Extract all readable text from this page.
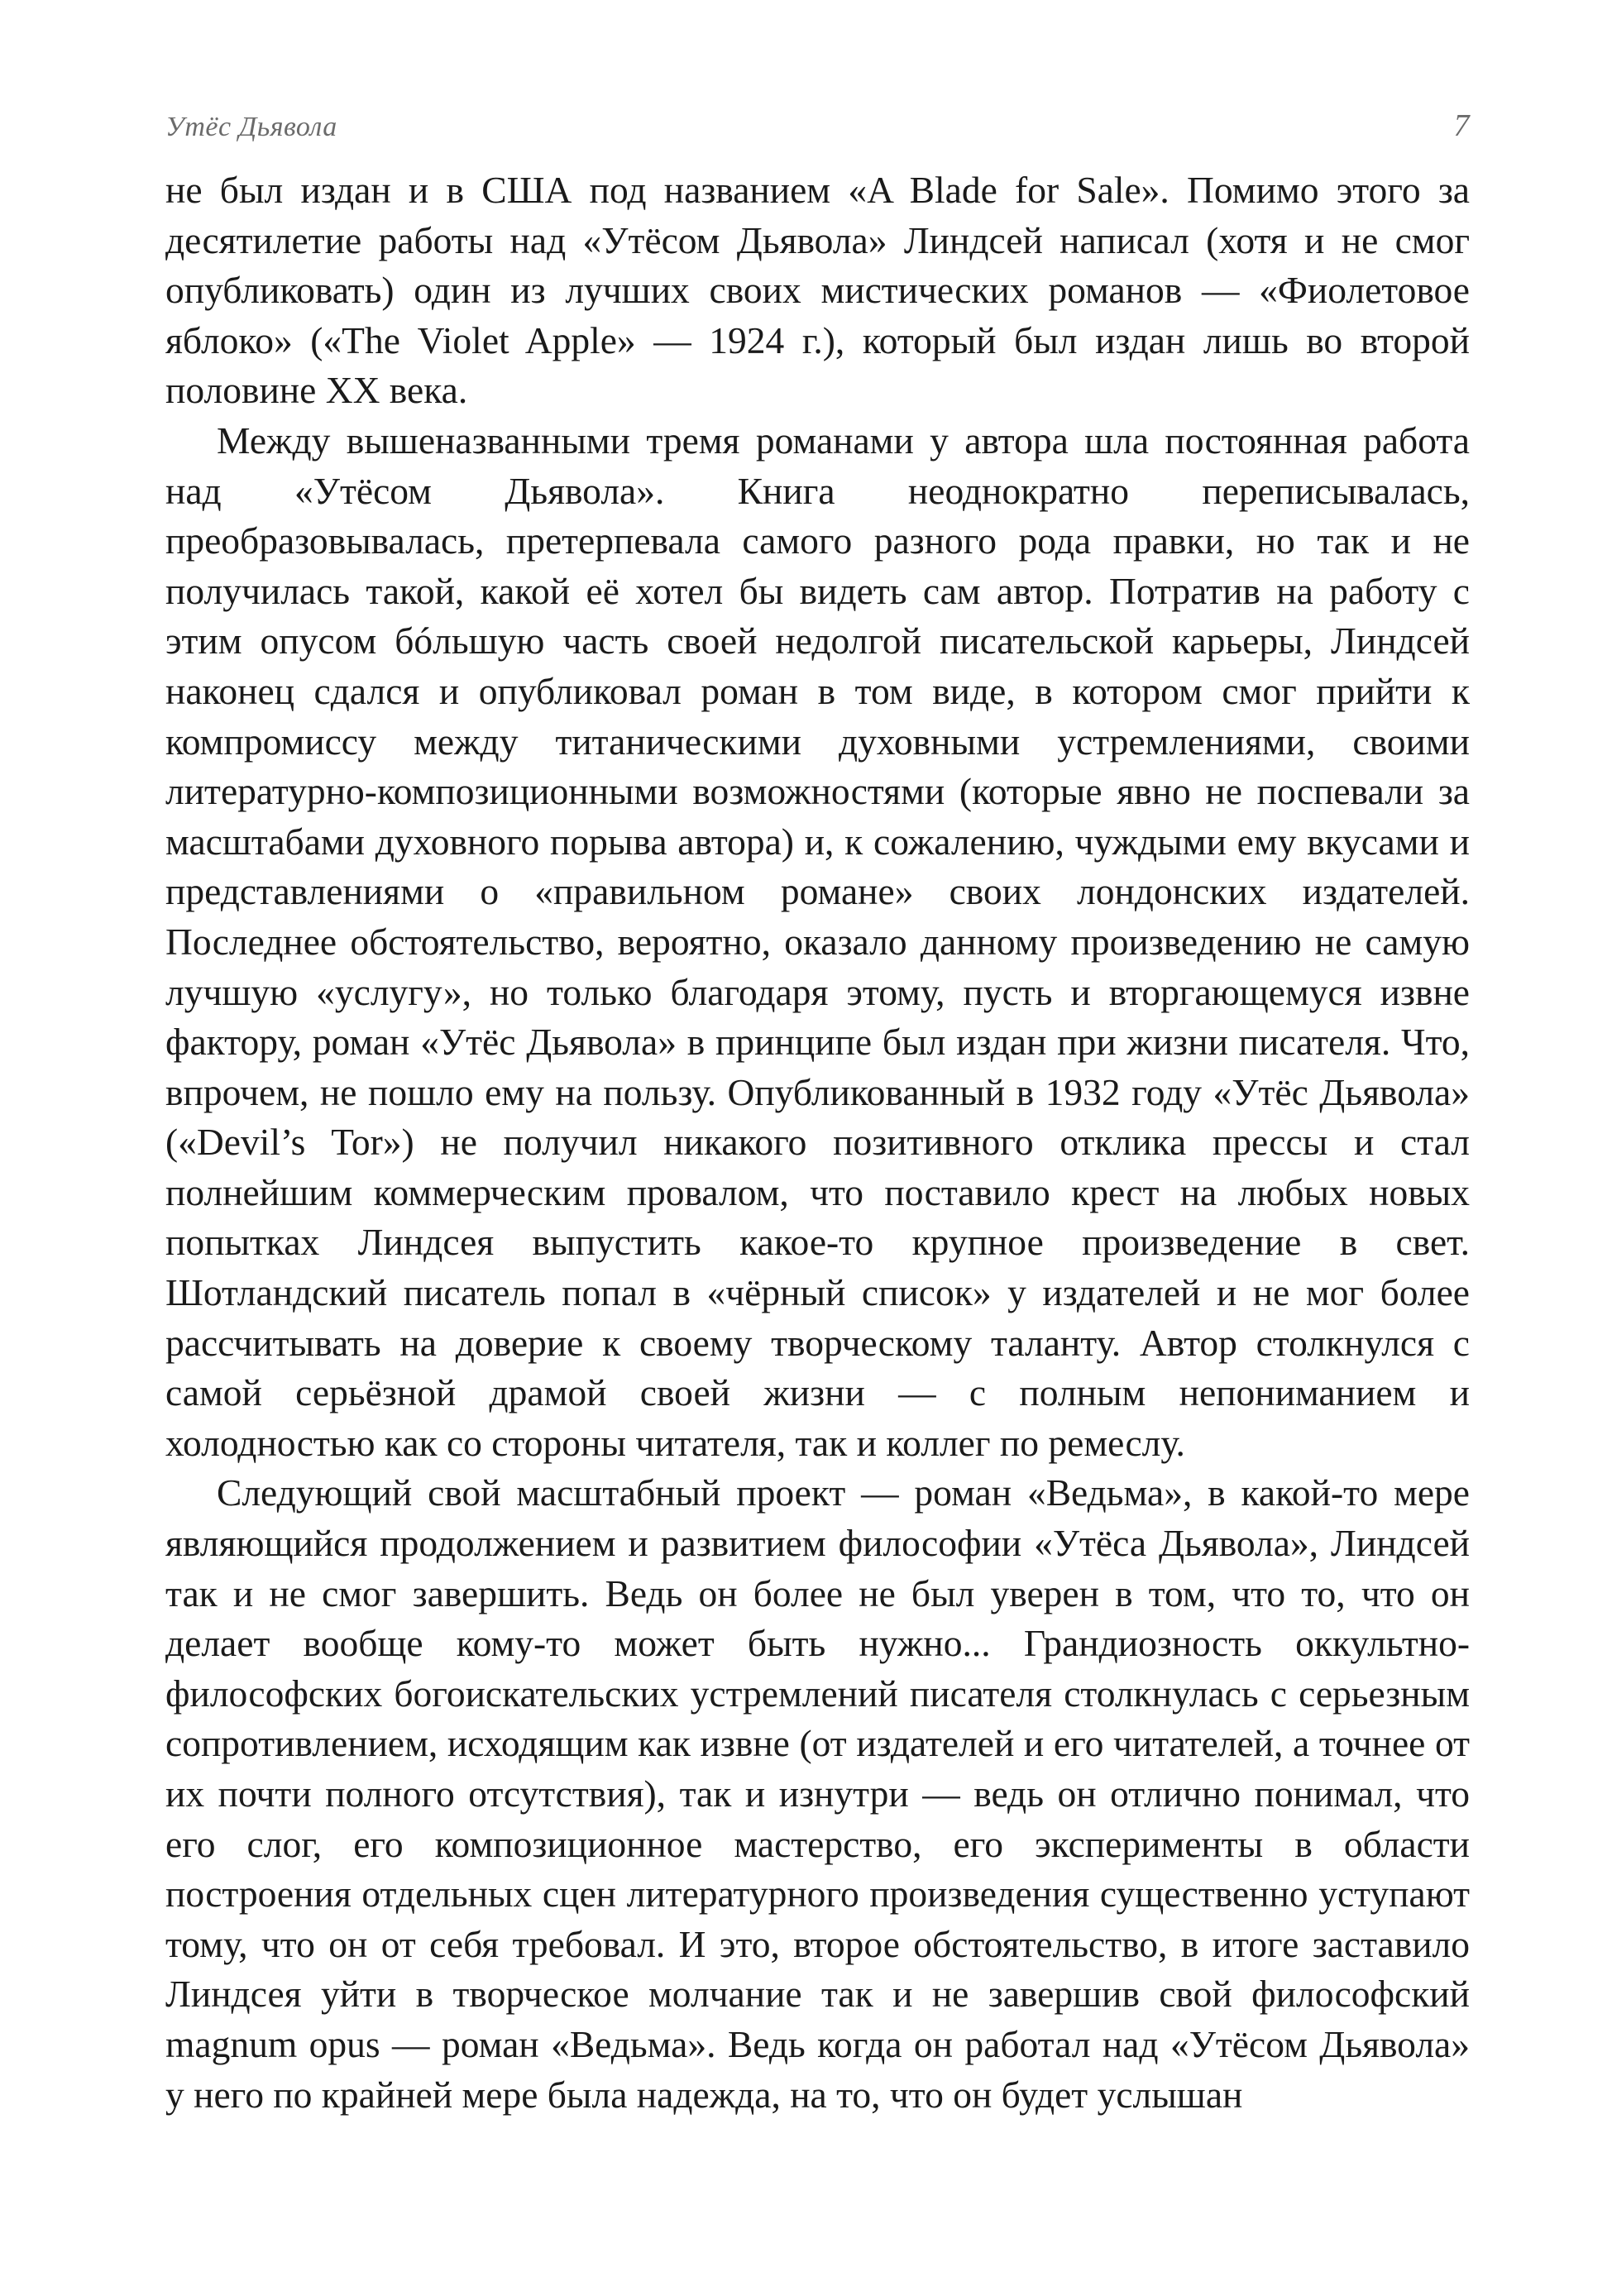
Утёс Дьявола	7

не был издан и в США под названием «A Blade for Sale». Помимо этого за десятилетие работы над «Утёсом Дьявола» Линдсей написал (хотя и не смог опубликовать) один из лучших своих мистических романов — «Фиолетовое яблоко» («The Violet Apple» — 1924 г.), который был издан лишь во второй половине XX века.

Между вышеназванными тремя романами у автора шла постоянная работа над «Утёсом Дьявола». Книга неоднократно переписывалась, преобразовывалась, претерпевала самого разного рода правки, но так и не получилась такой, какой её хотел бы видеть сам автор. Потратив на работу с этим опусом бóльшую часть своей недолгой писательской карьеры, Линдсей наконец сдался и опубликовал роман в том виде, в котором смог прийти к компромиссу между титаническими духовными устремлениями, своими литературно-композиционными возможностями (которые явно не поспевали за масштабами духовного порыва автора) и, к сожалению, чуждыми ему вкусами и представлениями о «правильном романе» своих лондонских издателей. Последнее обстоятельство, вероятно, оказало данному произведению не самую лучшую «услугу», но только благодаря этому, пусть и вторгающемуся извне фактору, роман «Утёс Дьявола» в принципе был издан при жизни писателя. Что, впрочем, не пошло ему на пользу. Опубликованный в 1932 году «Утёс Дьявола» («Devil’s Tor») не получил никакого позитивного отклика прессы и стал полнейшим коммерческим провалом, что поставило крест на любых новых попытках Линдсея выпустить какое-то крупное произведение в свет. Шотландский писатель попал в «чёрный список» у издателей и не мог более рассчитывать на доверие к своему творческому таланту. Автор столкнулся с самой серьёзной драмой своей жизни — с полным непониманием и холодностью как со стороны читателя, так и коллег по ремеслу.

Следующий свой масштабный проект — роман «Ведьма», в какой-то мере являющийся продолжением и развитием философии «Утёса Дьявола», Линдсей так и не смог завершить. Ведь он более не был уверен в том, что то, что он делает вообще кому-то может быть нужно... Грандиозность оккультно-философских богоискательских устремлений писателя столкнулась с серьезным сопротивлением, исходящим как извне (от издателей и его читателей, а точнее от их почти полного отсутствия), так и изнутри — ведь он отлично понимал, что его слог, его композиционное мастерство, его эксперименты в области построения отдельных сцен литературного произведения существенно уступают тому, что он от себя требовал. И это, второе обстоятельство, в итоге заставило Линдсея уйти в творческое молчание так и не завершив свой философский magnum opus — роман «Ведьма». Ведь когда он работал над «Утёсом Дьявола» у него по крайней мере была надежда, на то, что он будет услышан
